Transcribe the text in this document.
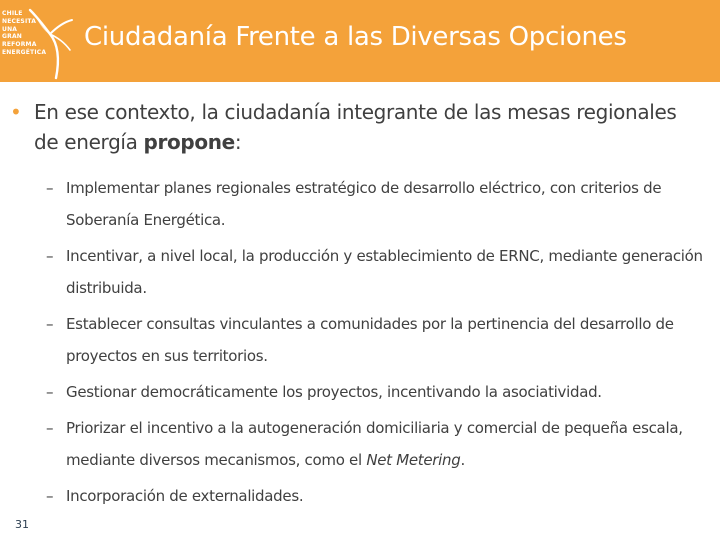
CHILE
NECESITA
UNA
GRAN
REFORMA
ENERGÉTICA
Ciudadanía Frente a las Diversas Opciones
• En ese contexto, la ciudadanía integrante de las mesas regionales de energía propone:
– Implementar planes regionales estratégico de desarrollo eléctrico, con criterios de Soberanía Energética.
– Incentivar, a nivel local, la producción y establecimiento de ERNC, mediante generación distribuida.
– Establecer consultas vinculantes a comunidades por la pertinencia del desarrollo de proyectos en sus territorios.
– Gestionar democráticamente los proyectos, incentivando la asociatividad.
– Priorizar el incentivo a la autogeneración domiciliaria y comercial de pequeña escala, mediante diversos mecanismos, como el Net Metering.
– Incorporación de externalidades.
31
